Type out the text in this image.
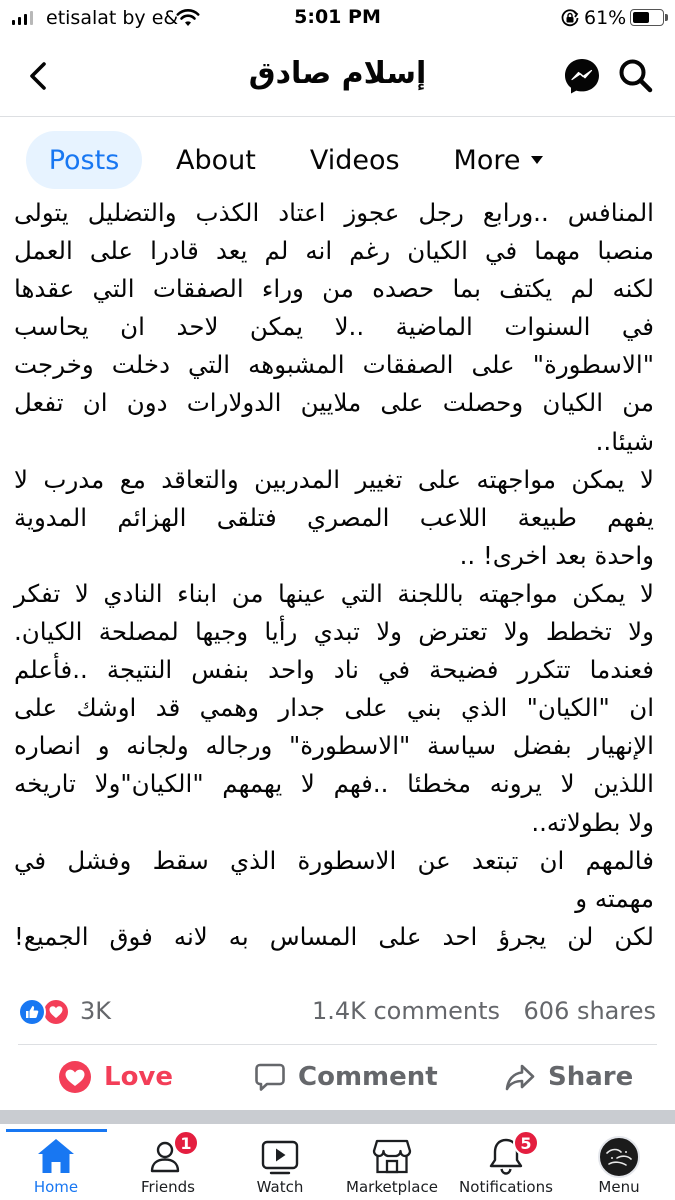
etisalat by e&	5:01 PM	61%
إسلام صادق
Posts About Videos More
المنافس ..ورابع رجل عجوز اعتاد الكذب والتضليل يتولى
منصبا مهما في الكيان رغم انه لم يعد قادرا على العمل
لكنه لم يكتف بما حصده من وراء الصفقات التي عقدها
في السنوات الماضية ..لا يمكن لاحد ان يحاسب
"الاسطورة" على الصفقات المشبوهه التي دخلت وخرجت
من الكيان وحصلت على ملايين الدولارات دون ان تفعل
شيئا..
لا يمكن مواجهته على تغيير المدربين والتعاقد مع مدرب لا
يفهم طبيعة اللاعب المصري فتلقى الهزائم المدوية
واحدة بعد اخرى! ..
لا يمكن مواجهته باللجنة التي عينها من ابناء النادي لا تفكر
ولا تخطط ولا تعترض ولا تبدي رأيا وجيها لمصلحة الكيان.
فعندما تتكرر فضيحة في ناد واحد بنفس النتيجة ..فأعلم
ان "الكيان" الذي بني على جدار وهمي قد اوشك على
الإنهيار بفضل سياسة "الاسطورة" ورجاله ولجانه و انصاره
اللذين لا يرونه مخطئا ..فهم لا يهمهم "الكيان"ولا تاريخه
ولا بطولاته..
فالمهم ان تبتعد عن الاسطورة الذي سقط وفشل في
مهمته و
لكن لن يجرؤ احد على المساس به لانه فوق الجميع!
3K	1.4K comments 606 shares
Love	Comment	Share
Home
1
Friends	Watch	Marketplace
5
Notifications	Menu
